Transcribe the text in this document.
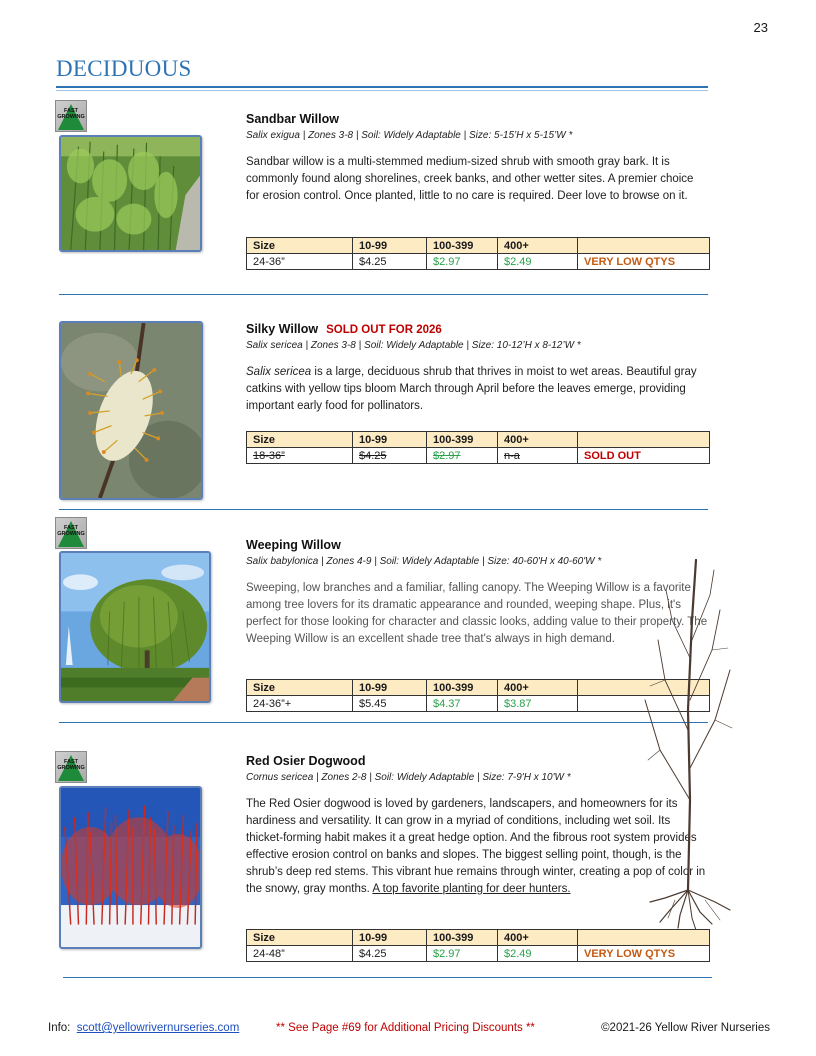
23
DECIDUOUS
FAST
GROWING	Sandbar Willow
Salix exigua | Zones 3-8 | Soil: Widely Adaptable | Size: 5-15’H x 5-15’W *
Sandbar willow is a multi-stemmed medium-sized shrub with smooth gray bark. It is commonly found along shorelines, creek banks, and other wetter sites. A premier choice for erosion control. Once planted, little to no care is required. Deer love to browse on it.
Size	10-99	100-399	400+	
24-36”	$4.25	$2.97	$2.49	VERY LOW QTYS
Silky Willow SOLD OUT FOR 2026
Salix sericea | Zones 3-8 | Soil: Widely Adaptable | Size: 10-12’H x 8-12’W *
Salix sericea is a large, deciduous shrub that thrives in moist to wet areas. Beautiful gray catkins with yellow tips bloom March through April before the leaves emerge, providing important early food for pollinators.
Size	10-99	100-399	400+	
18-36”	$4.25	$2.97	n-a	SOLD OUT
FAST
GROWING
Weeping Willow
Salix babylonica | Zones 4-9 | Soil: Widely Adaptable | Size: 40-60'H x 40-60'W *
Sweeping, low branches and a familiar, falling canopy. The Weeping Willow is a favorite among tree lovers for its dramatic appearance and rounded, weeping shape. Plus, it's perfect for those looking for character and classic looks, adding value to their property. The Weeping Willow is an excellent shade tree that's always in high demand.
Size	10-99	100-399	400+	
24-36”+	$5.45	$4.37	$3.87	
FAST
GROWING	Red Osier Dogwood
Cornus sericea | Zones 2-8 | Soil: Widely Adaptable | Size: 7-9'H x 10'W *
The Red Osier dogwood is loved by gardeners, landscapers, and homeowners for its hardiness and versatility. It can grow in a myriad of conditions, including wet soil. Its thicket-forming habit makes it a great hedge option. And the fibrous root system provides effective erosion control on banks and slopes. The biggest selling point, though, is the shrub’s deep red stems. This vibrant hue remains through winter, creating a pop of color in the snowy, gray months. A top favorite planting for deer hunters.
Size	10-99	100-399	400+	
24-48”	$4.25	$2.97	$2.49	VERY LOW QTYS
Info: scott@yellowrivernurseries.com	** See Page #69 for Additional Pricing Discounts **	©2021-26 Yellow River Nurseries
